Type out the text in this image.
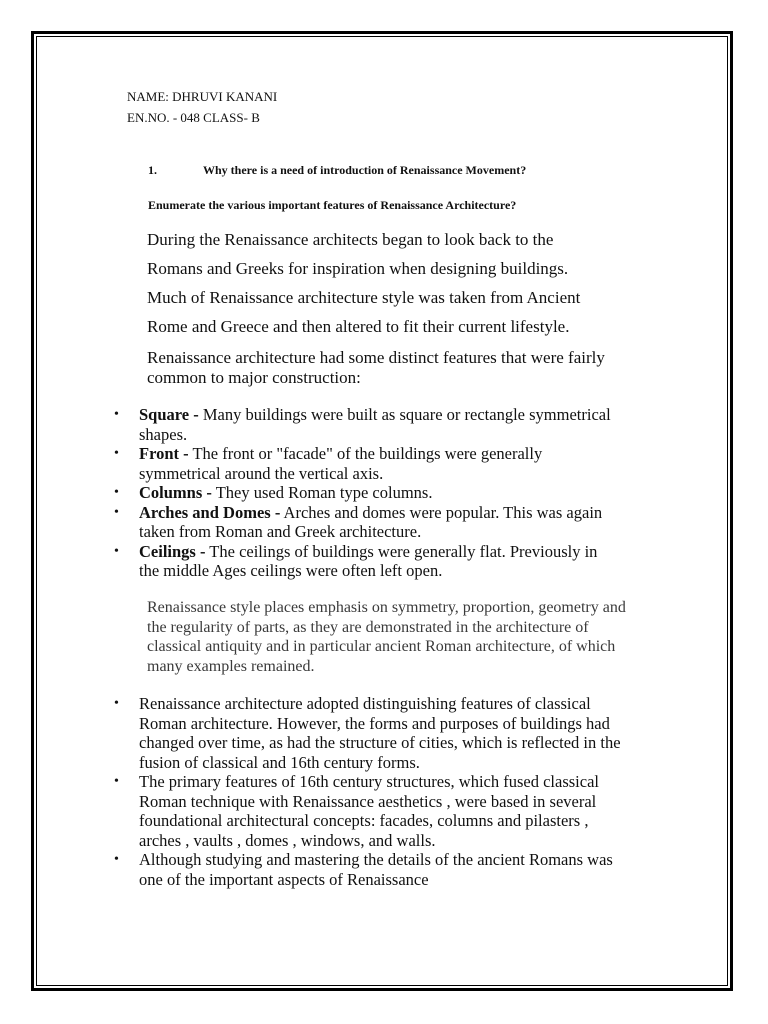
NAME: DHRUVI KANANI

EN.NO. - 048 CLASS- B

1.	Why there is a need of introduction of Renaissance Movement?

Enumerate the various important features of Renaissance Architecture?

During the Renaissance architects began to look back to the

Romans and Greeks for inspiration when designing buildings.

Much of Renaissance architecture style was taken from Ancient

Rome and Greece and then altered to fit their current lifestyle.

Renaissance architecture had some distinct features that were fairly common to major construction:

• Square - Many buildings were built as square or rectangle symmetrical shapes.
• Front - The front or "facade" of the buildings were generally symmetrical around the vertical axis.
• Columns - They used Roman type columns.
• Arches and Domes - Arches and domes were popular. This was again taken from Roman and Greek architecture.
• Ceilings - The ceilings of buildings were generally flat. Previously in the middle Ages ceilings were often left open.

Renaissance style places emphasis on symmetry, proportion, geometry and the regularity of parts, as they are demonstrated in the architecture of classical antiquity and in particular ancient Roman architecture, of which many examples remained.

• Renaissance architecture adopted distinguishing features of classical Roman architecture. However, the forms and purposes of buildings had changed over time, as had the structure of cities, which is reflected in the fusion of classical and 16th century forms.
• The primary features of 16th century structures, which fused classical Roman technique with Renaissance aesthetics , were based in several foundational architectural concepts: facades, columns and pilasters , arches , vaults , domes , windows, and walls.
• Although studying and mastering the details of the ancient Romans was one of the important aspects of Renaissance
